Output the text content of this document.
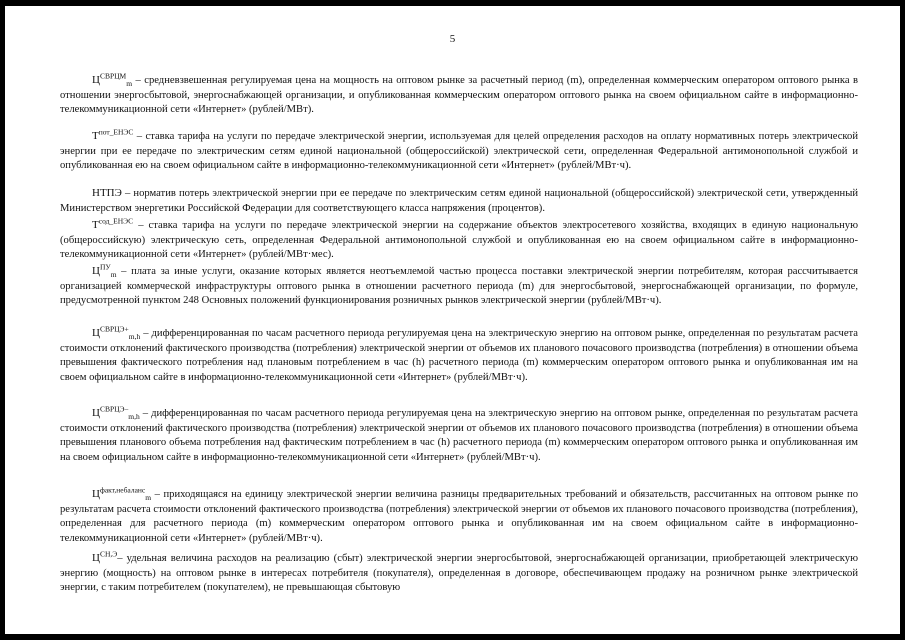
5

$Ц^{СВРЦМ}_m$ – средневзвешенная регулируемая цена на мощность на оптовом рынке за расчетный период (m), определенная коммерческим оператором оптового рынка в отношении энергосбытовой, энергоснабжающей организации, и опубликованная коммерческим оператором оптового рынка на своем официальном сайте в информационно-телекоммуникационной сети «Интернет» (рублей/МВт).

$Т^{пот\_ЕНЭС}$ – ставка тарифа на услуги по передаче электрической энергии, используемая для целей определения расходов на оплату нормативных потерь электрической энергии при ее передаче по электрическим сетям единой национальной (общероссийской) электрической сети, определенная Федеральной антимонопольной службой и опубликованная ею на своем официальном сайте в информационно-телекоммуникационной сети «Интернет» (рублей/МВт·ч).

НТПЭ – норматив потерь электрической энергии при ее передаче по электрическим сетям единой национальной (общероссийской) электрической сети, утвержденный Министерством энергетики Российской Федерации для соответствующего класса напряжения (процентов).

$Т^{сод\_ЕНЭС}$ – ставка тарифа на услуги по передаче электрической энергии на содержание объектов электросетевого хозяйства, входящих в единую национальную (общероссийскую) электрическую сеть, определенная Федеральной антимонопольной службой и опубликованная ею на своем официальном сайте в информационно-телекоммуникационной сети «Интернет» (рублей/МВт·мес).

$Ц^{ПУ}_m$ – плата за иные услуги, оказание которых является неотъемлемой частью процесса поставки электрической энергии потребителям, которая рассчитывается организацией коммерческой инфраструктуры оптового рынка в отношении расчетного периода (m) для энергосбытовой, энергоснабжающей организации, по формуле, предусмотренной пунктом 248 Основных положений функционирования розничных рынков электрической энергии (рублей/МВт·ч).

$Ц^{СВРЦЭ+}_{m,h}$ – дифференцированная по часам расчетного периода регулируемая цена на электрическую энергию на оптовом рынке, определенная по результатам расчета стоимости отклонений фактического производства (потребления) электрической энергии от объемов их планового почасового производства (потребления) в отношении объема превышения фактического потребления над плановым потреблением в час (h) расчетного периода (m) коммерческим оператором оптового рынка и опубликованная им на своем официальном сайте в информационно-телекоммуникационной сети «Интернет» (рублей/МВт·ч).

$Ц^{СВРЦЭ-}_{m,h}$ – дифференцированная по часам расчетного периода регулируемая цена на электрическую энергию на оптовом рынке, определенная по результатам расчета стоимости отклонений фактического производства (потребления) электрической энергии от объемов их планового почасового производства (потребления) в отношении объема превышения планового объема потребления над фактическим потреблением в час (h) расчетного периода (m) коммерческим оператором оптового рынка и опубликованная им на своем официальном сайте в информационно-телекоммуникационной сети «Интернет» (рублей/МВт·ч).

$Ц^{факт,небаланс}_m$ – приходящаяся на единицу электрической энергии величина разницы предварительных требований и обязательств, рассчитанных на оптовом рынке по результатам расчета стоимости отклонений фактического производства (потребления) электрической энергии от объемов их планового почасового производства (потребления), определенная для расчетного периода (m) коммерческим оператором оптового рынка и опубликованная им на своем официальном сайте в информационно-телекоммуникационной сети «Интернет» (рублей/МВт·ч).

$Ц^{СН,Э}-$ удельная величина расходов на реализацию (сбыт) электрической энергии энергосбытовой, энергоснабжающей организации, приобретающей электрическую энергию (мощность) на оптовом рынке в интересах потребителя (покупателя), определенная в договоре, обеспечивающем продажу на розничном рынке электрической энергии, с таким потребителем (покупателем), не превышающая сбытовую
